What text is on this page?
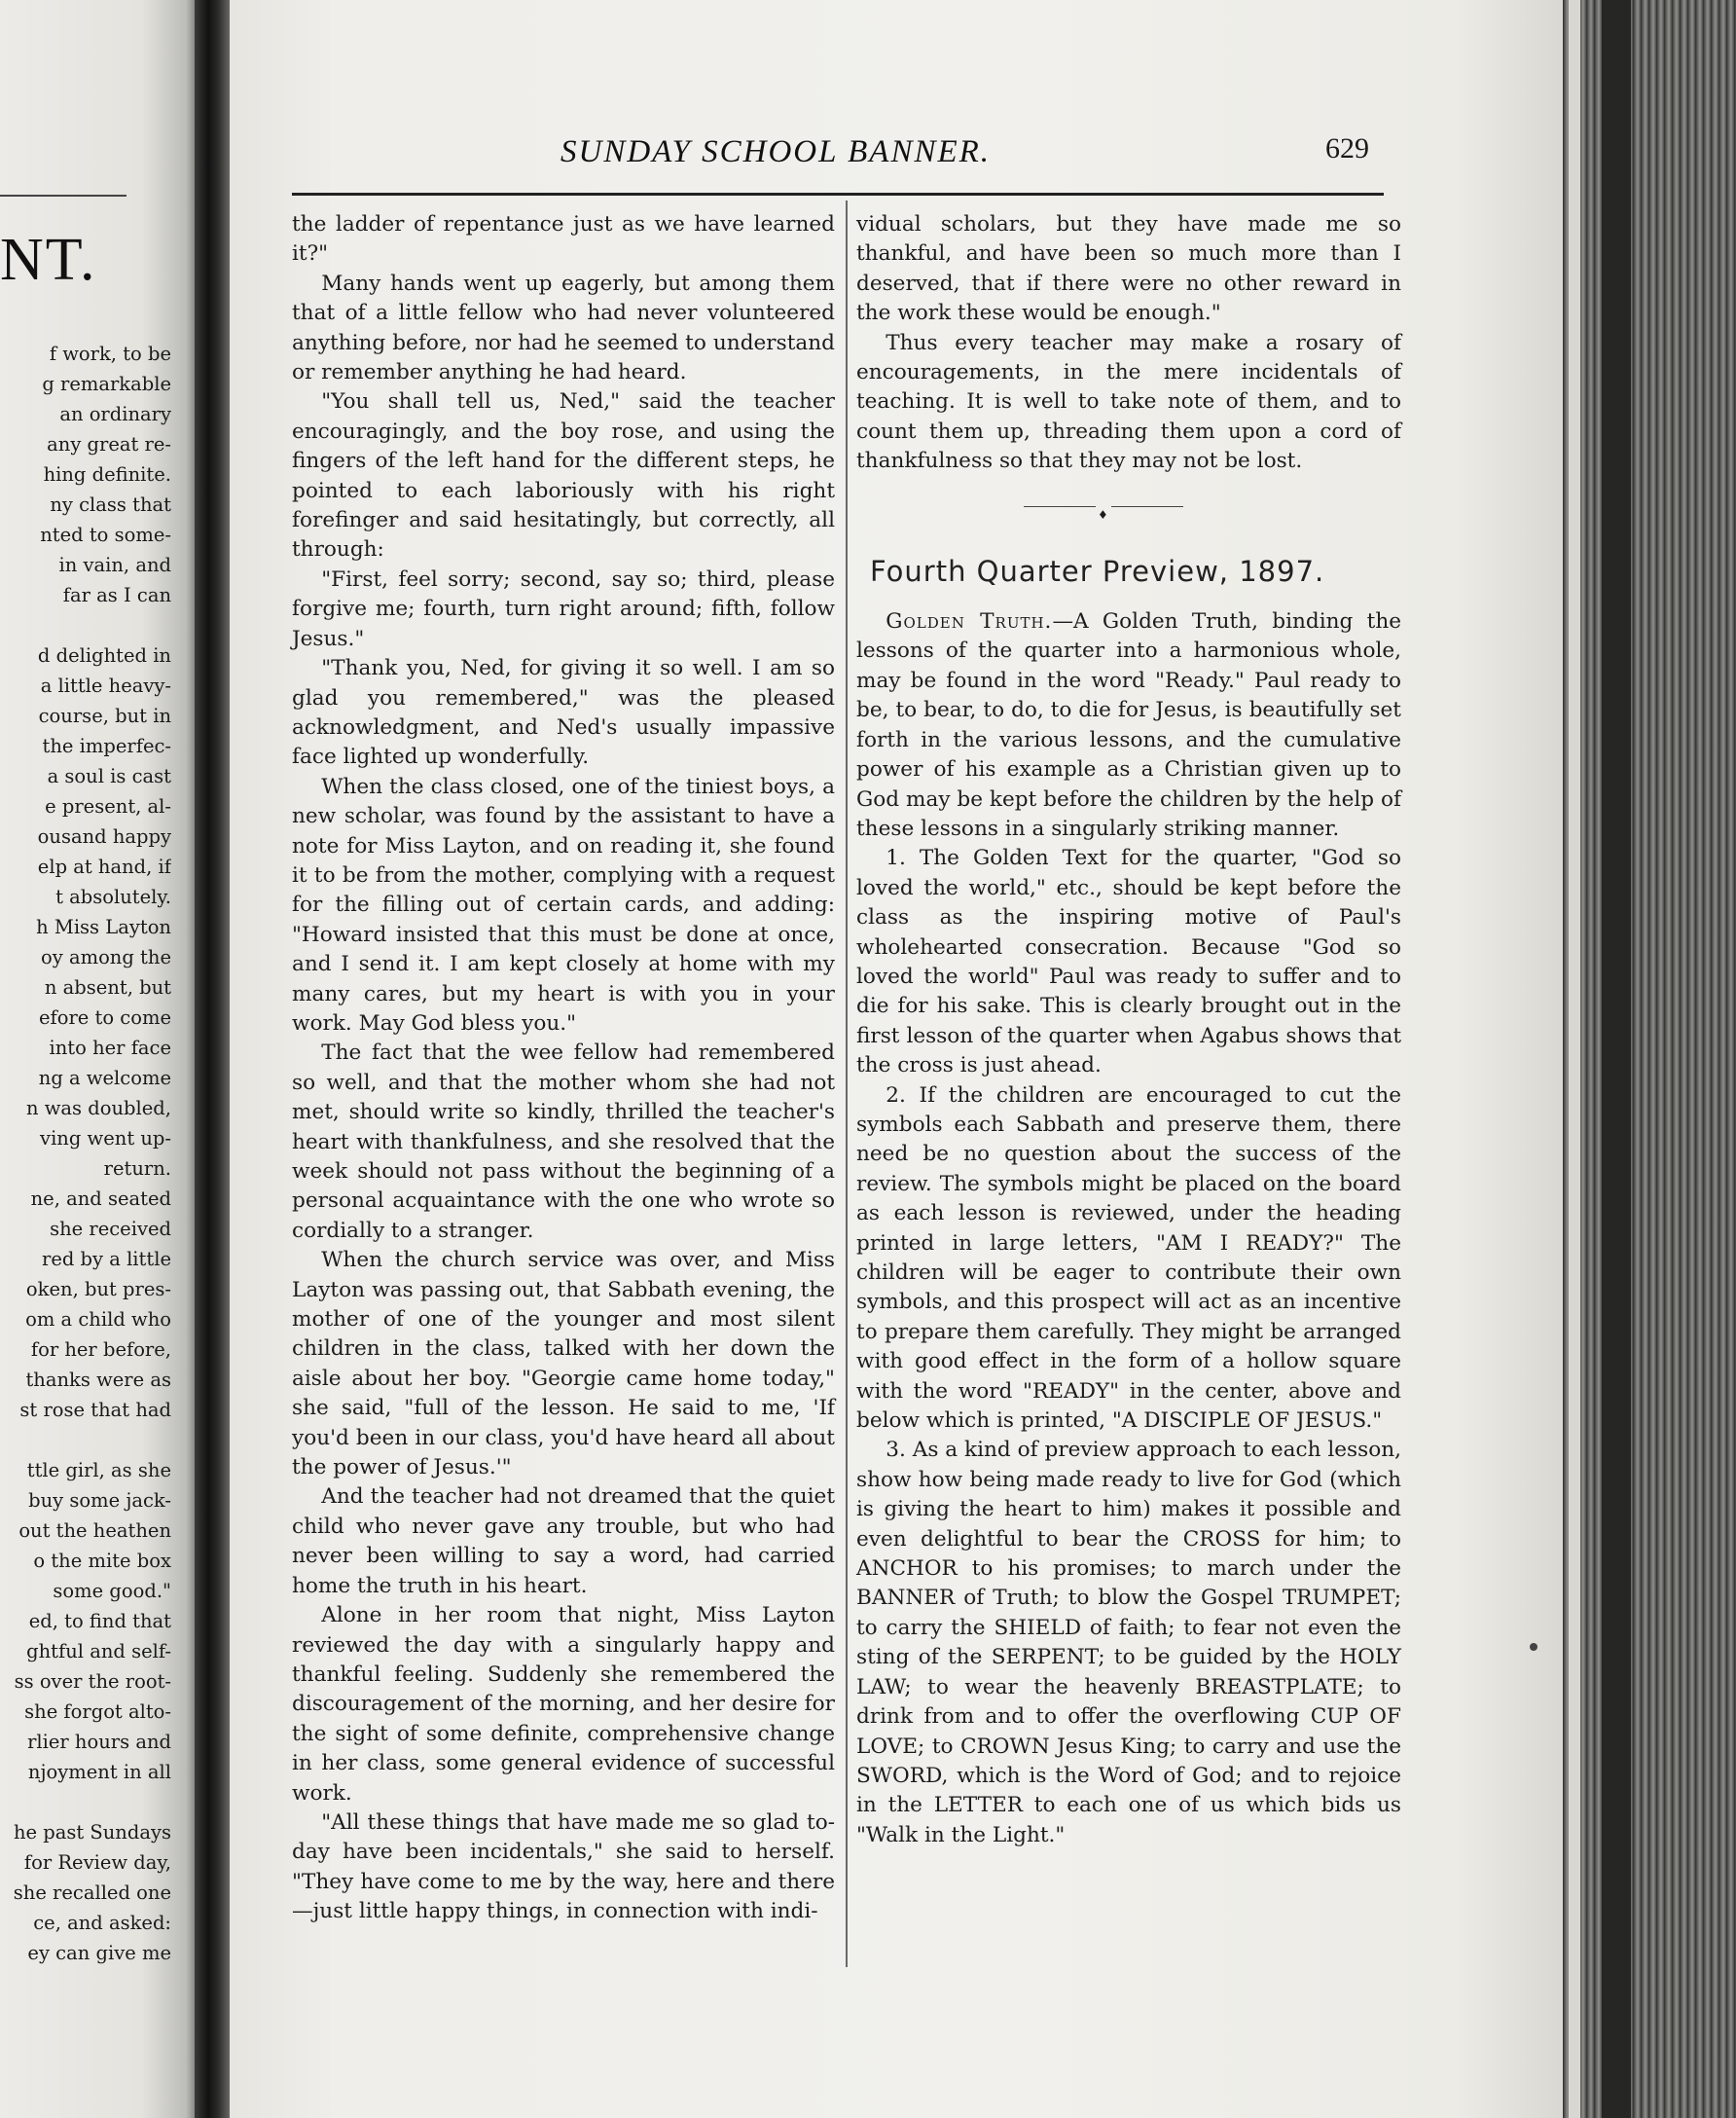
NT.
f work, to be
g remarkable
an ordinary
any great re-
hing definite.
ny class that
nted to some-
in vain, and
far as I can
d delighted in
a little heavy-
course, but in
the imperfec-
a soul is cast
e present, al-
ousand happy
elp at hand, if
t absolutely.
h Miss Layton
oy among the
n absent, but
efore to come
into her face
ng a welcome
n was doubled,
ving went up-
return.
ne, and seated
she received
red by a little
oken, but pres-
om a child who
for her before,
thanks were as
st rose that had
ttle girl, as she
buy some jack-
out the heathen
o the mite box
some good."
ed, to find that
ghtful and self-
ss over the root-
she forgot alto-
rlier hours and
njoyment in all
he past Sundays
for Review day,
she recalled one
ce, and asked:
ey can give me
SUNDAY SCHOOL BANNER.	629

the ladder of repentance just as we have learned it?"

Many hands went up eagerly, but among them that of a little fellow who had never volunteered anything before, nor had he seemed to understand or remember anything he had heard.

"You shall tell us, Ned," said the teacher encouragingly, and the boy rose, and using the fingers of the left hand for the different steps, he pointed to each laboriously with his right forefinger and said hesitatingly, but correctly, all through:

"First, feel sorry; second, say so; third, please forgive me; fourth, turn right around; fifth, follow Jesus."

"Thank you, Ned, for giving it so well. I am so glad you remembered," was the pleased acknowledgment, and Ned's usually impassive face lighted up wonderfully.

When the class closed, one of the tiniest boys, a new scholar, was found by the assistant to have a note for Miss Layton, and on reading it, she found it to be from the mother, complying with a request for the filling out of certain cards, and adding: "Howard insisted that this must be done at once, and I send it. I am kept closely at home with my many cares, but my heart is with you in your work. May God bless you."

The fact that the wee fellow had remembered so well, and that the mother whom she had not met, should write so kindly, thrilled the teacher's heart with thankfulness, and she resolved that the week should not pass without the beginning of a personal acquaintance with the one who wrote so cordially to a stranger.

When the church service was over, and Miss Layton was passing out, that Sabbath evening, the mother of one of the younger and most silent children in the class, talked with her down the aisle about her boy. "Georgie came home today," she said, "full of the lesson. He said to me, 'If you'd been in our class, you'd have heard all about the power of Jesus.'"

And the teacher had not dreamed that the quiet child who never gave any trouble, but who had never been willing to say a word, had carried home the truth in his heart.

Alone in her room that night, Miss Layton reviewed the day with a singularly happy and thankful feeling. Suddenly she remembered the discouragement of the morning, and her desire for the sight of some definite, comprehensive change in her class, some general evidence of successful work.

"All these things that have made me so glad to-day have been incidentals," she said to herself. "They have come to me by the way, here and there —just little happy things, in connection with indi-

vidual scholars, but they have made me so thankful, and have been so much more than I deserved, that if there were no other reward in the work these would be enough."

Thus every teacher may make a rosary of encouragements, in the mere incidentals of teaching. It is well to take note of them, and to count them up, threading them upon a cord of thankfulness so that they may not be lost.

♦
Fourth Quarter Preview, 1897.

Golden Truth.—A Golden Truth, binding the lessons of the quarter into a harmonious whole, may be found in the word "Ready." Paul ready to be, to bear, to do, to die for Jesus, is beautifully set forth in the various lessons, and the cumulative power of his example as a Christian given up to God may be kept before the children by the help of these lessons in a singularly striking manner.

1. The Golden Text for the quarter, "God so loved the world," etc., should be kept before the class as the inspiring motive of Paul's wholehearted consecration. Because "God so loved the world" Paul was ready to suffer and to die for his sake. This is clearly brought out in the first lesson of the quarter when Agabus shows that the cross is just ahead.

2. If the children are encouraged to cut the symbols each Sabbath and preserve them, there need be no question about the success of the review. The symbols might be placed on the board as each lesson is reviewed, under the heading printed in large letters, "AM I READY?" The children will be eager to contribute their own symbols, and this prospect will act as an incentive to prepare them carefully. They might be arranged with good effect in the form of a hollow square with the word "READY" in the center, above and below which is printed, "A DISCIPLE OF JESUS."

3. As a kind of preview approach to each lesson, show how being made ready to live for God (which is giving the heart to him) makes it possible and even delightful to bear the CROSS for him; to ANCHOR to his promises; to march under the BANNER of Truth; to blow the Gospel TRUMPET; to carry the SHIELD of faith; to fear not even the sting of the SERPENT; to be guided by the HOLY LAW; to wear the heavenly BREASTPLATE; to drink from and to offer the overflowing CUP OF LOVE; to CROWN Jesus King; to carry and use the SWORD, which is the Word of God; and to rejoice in the LETTER to each one of us which bids us "Walk in the Light."
